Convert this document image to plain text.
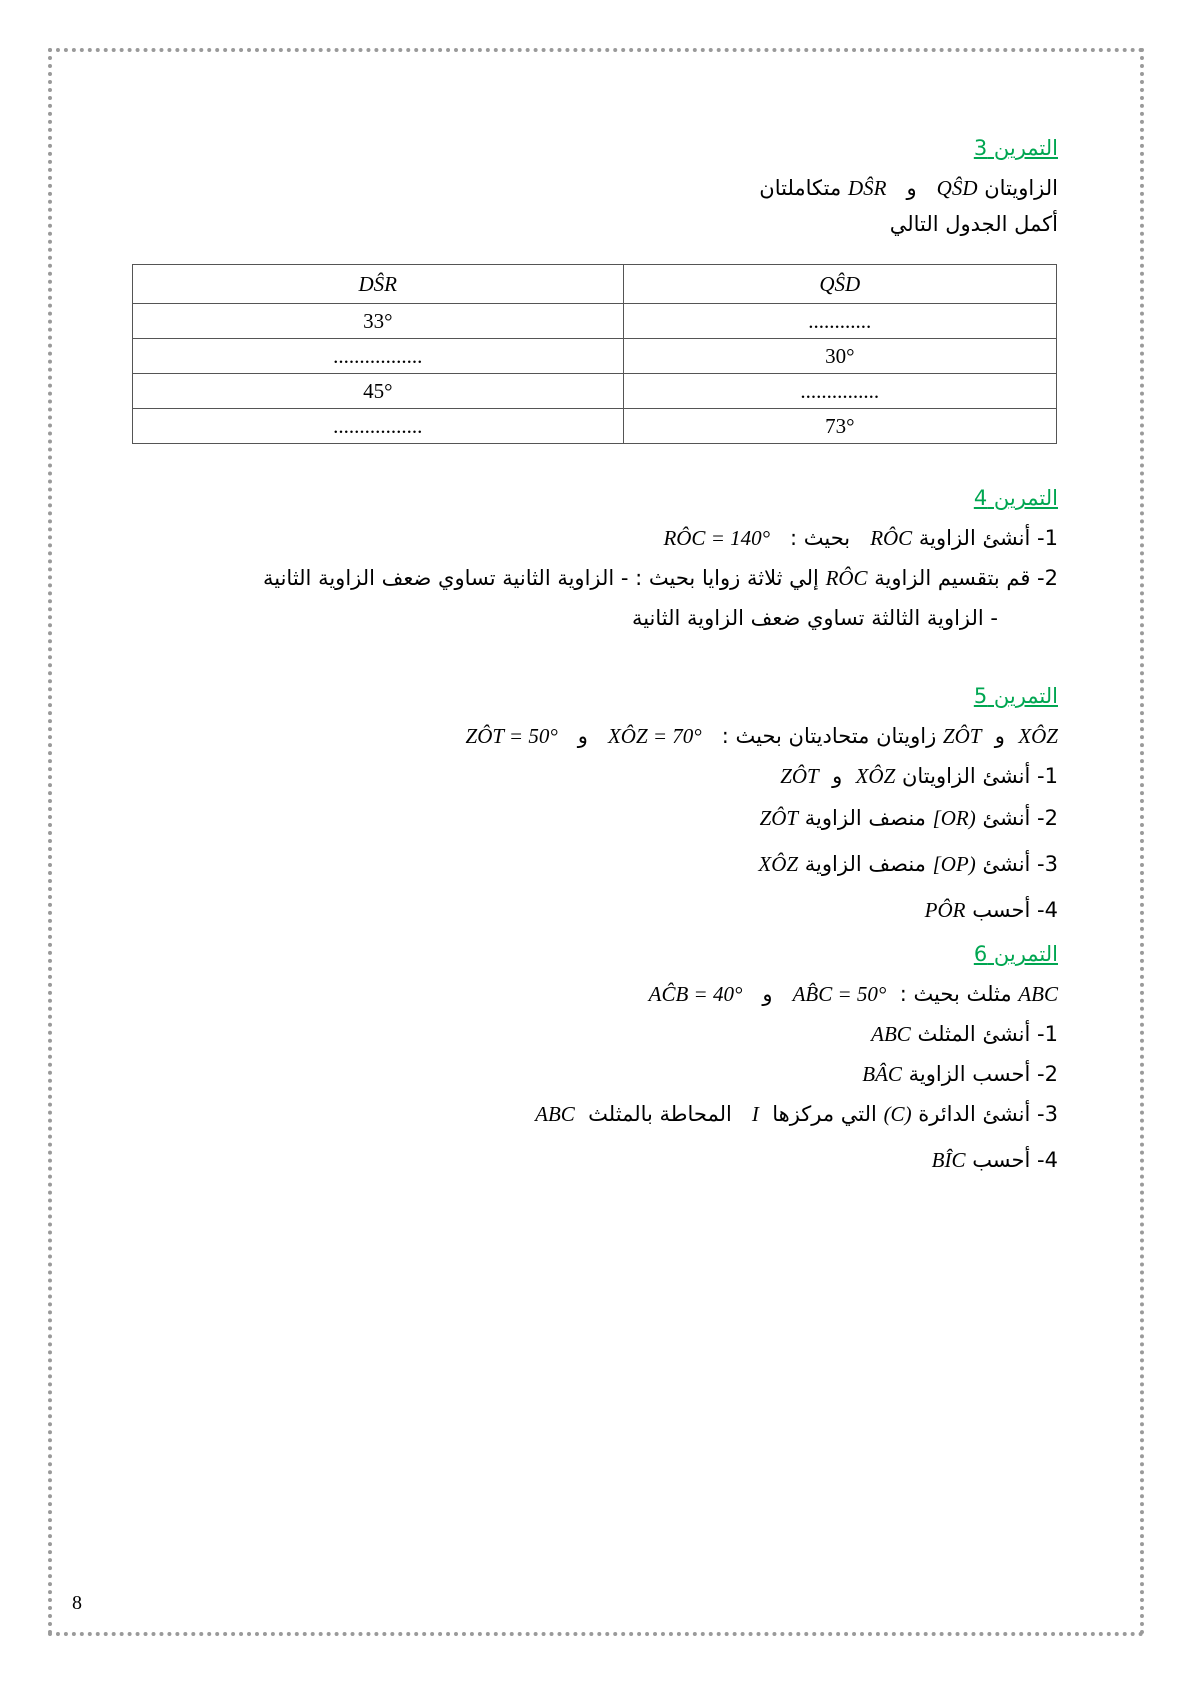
التمرين 3
الزاويتان QŜD   و   DŜR متكاملتان
أكمل الجدول التالي
DŜR	QŜD
33°	............
.................	30°
45°	...............
.................	73°
التمرين 4
1- أنشئ الزاوية RÔC   بحيث :   RÔC = 140°
2- قم بتقسيم الزاوية RÔC إلي ثلاثة زوايا بحيث : - الزاوية الثانية تساوي ضعف الزاوية الثانية
- الزاوية الثالثة تساوي ضعف الزاوية الثانية
التمرين 5
XÔZ  و  ZÔT زاويتان متحاديتان بحيث :   XÔZ = 70°   و   ZÔT = 50°
1- أنشئ الزاويتان XÔZ  و  ZÔT
2- أنشئ [OR) منصف الزاوية ZÔT
3- أنشئ [OP) منصف الزاوية XÔZ
4- أحسب PÔR
التمرين 6
ABC مثلث بحيث :  AB̂C = 50°   و   AĈB = 40°
1- أنشئ المثلث ABC
2- أحسب الزاوية BÂC
3- أنشئ الدائرة (C) التي مركزها  I   المحاطة بالمثلث  ABC
4- أحسب BÎC
8
